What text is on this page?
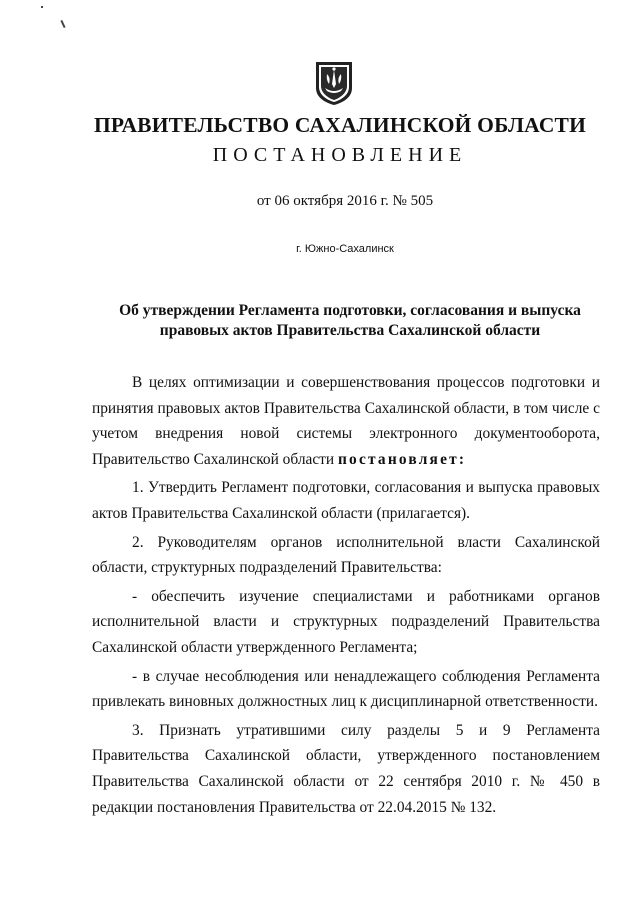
ПРАВИТЕЛЬСТВО САХАЛИНСКОЙ ОБЛАСТИ
ПОСТАНОВЛЕНИЕ
от 06 октября 2016 г. № 505
г. Южно-Сахалинск
Об утверждении Регламента подготовки, согласования и выпуска
правовых актов Правительства Сахалинской области

В целях оптимизации и совершенствования процессов подготовки и принятия правовых актов Правительства Сахалинской области, в том числе с учетом внедрения новой системы электронного документооборота, Правительство Сахалинской области постановляет:

1. Утвердить Регламент подготовки, согласования и выпуска правовых актов Правительства Сахалинской области (прилагается).

2. Руководителям органов исполнительной власти Сахалинской области, структурных подразделений Правительства:

- обеспечить изучение специалистами и работниками органов исполнительной власти и структурных подразделений Правительства Сахалинской области утвержденного Регламента;

- в случае несоблюдения или ненадлежащего соблюдения Регламента привлекать виновных должностных лиц к дисциплинарной ответственности.

3. Признать утратившими силу разделы 5 и 9 Регламента Правительства Сахалинской области, утвержденного постановлением Правительства Сахалинской области от 22 сентября 2010 г. № 450 в редакции постановления Правительства от 22.04.2015 № 132.
